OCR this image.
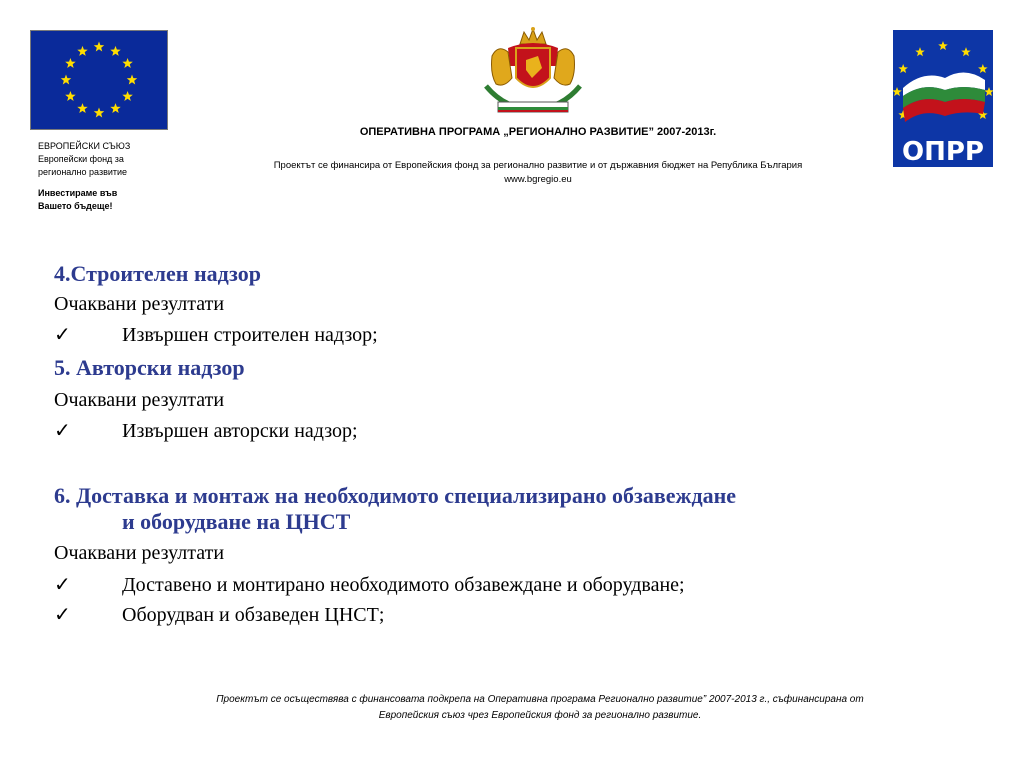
ЕВРОПЕЙСКИ СЪЮЗ
Европейски фонд за
регионално развитие
Инвестираме във
Вашето бъдеще!
ОПРР
ОПЕРАТИВНА ПРОГРАМА „РЕГИОНАЛНО РАЗВИТИЕ” 2007-2013г.
Проектът се финансира от Европейския фонд за регионално развитие и от държавния бюджет на Република България
www.bgregio.eu
4.Строителен надзор
Очаквани резултати
✓	Извършен строителен надзор;
5. Авторски надзор
Очаквани резултати
✓	Извършен авторски надзор;
6. Доставка и монтаж на необходимото специализирано обзавеждане
и оборудване на ЦНСТ
Очаквани резултати
✓	Доставено и монтирано необходимото обзавеждане и оборудване;
✓	Оборудван и обзаведен ЦНСТ;
Проектът се осъществява с финансовата подкрепа на Оперативна програма Регионално развитие” 2007-2013 г., съфинансирана от
Европейския съюз чрез Европейския фонд за регионално развитие.
